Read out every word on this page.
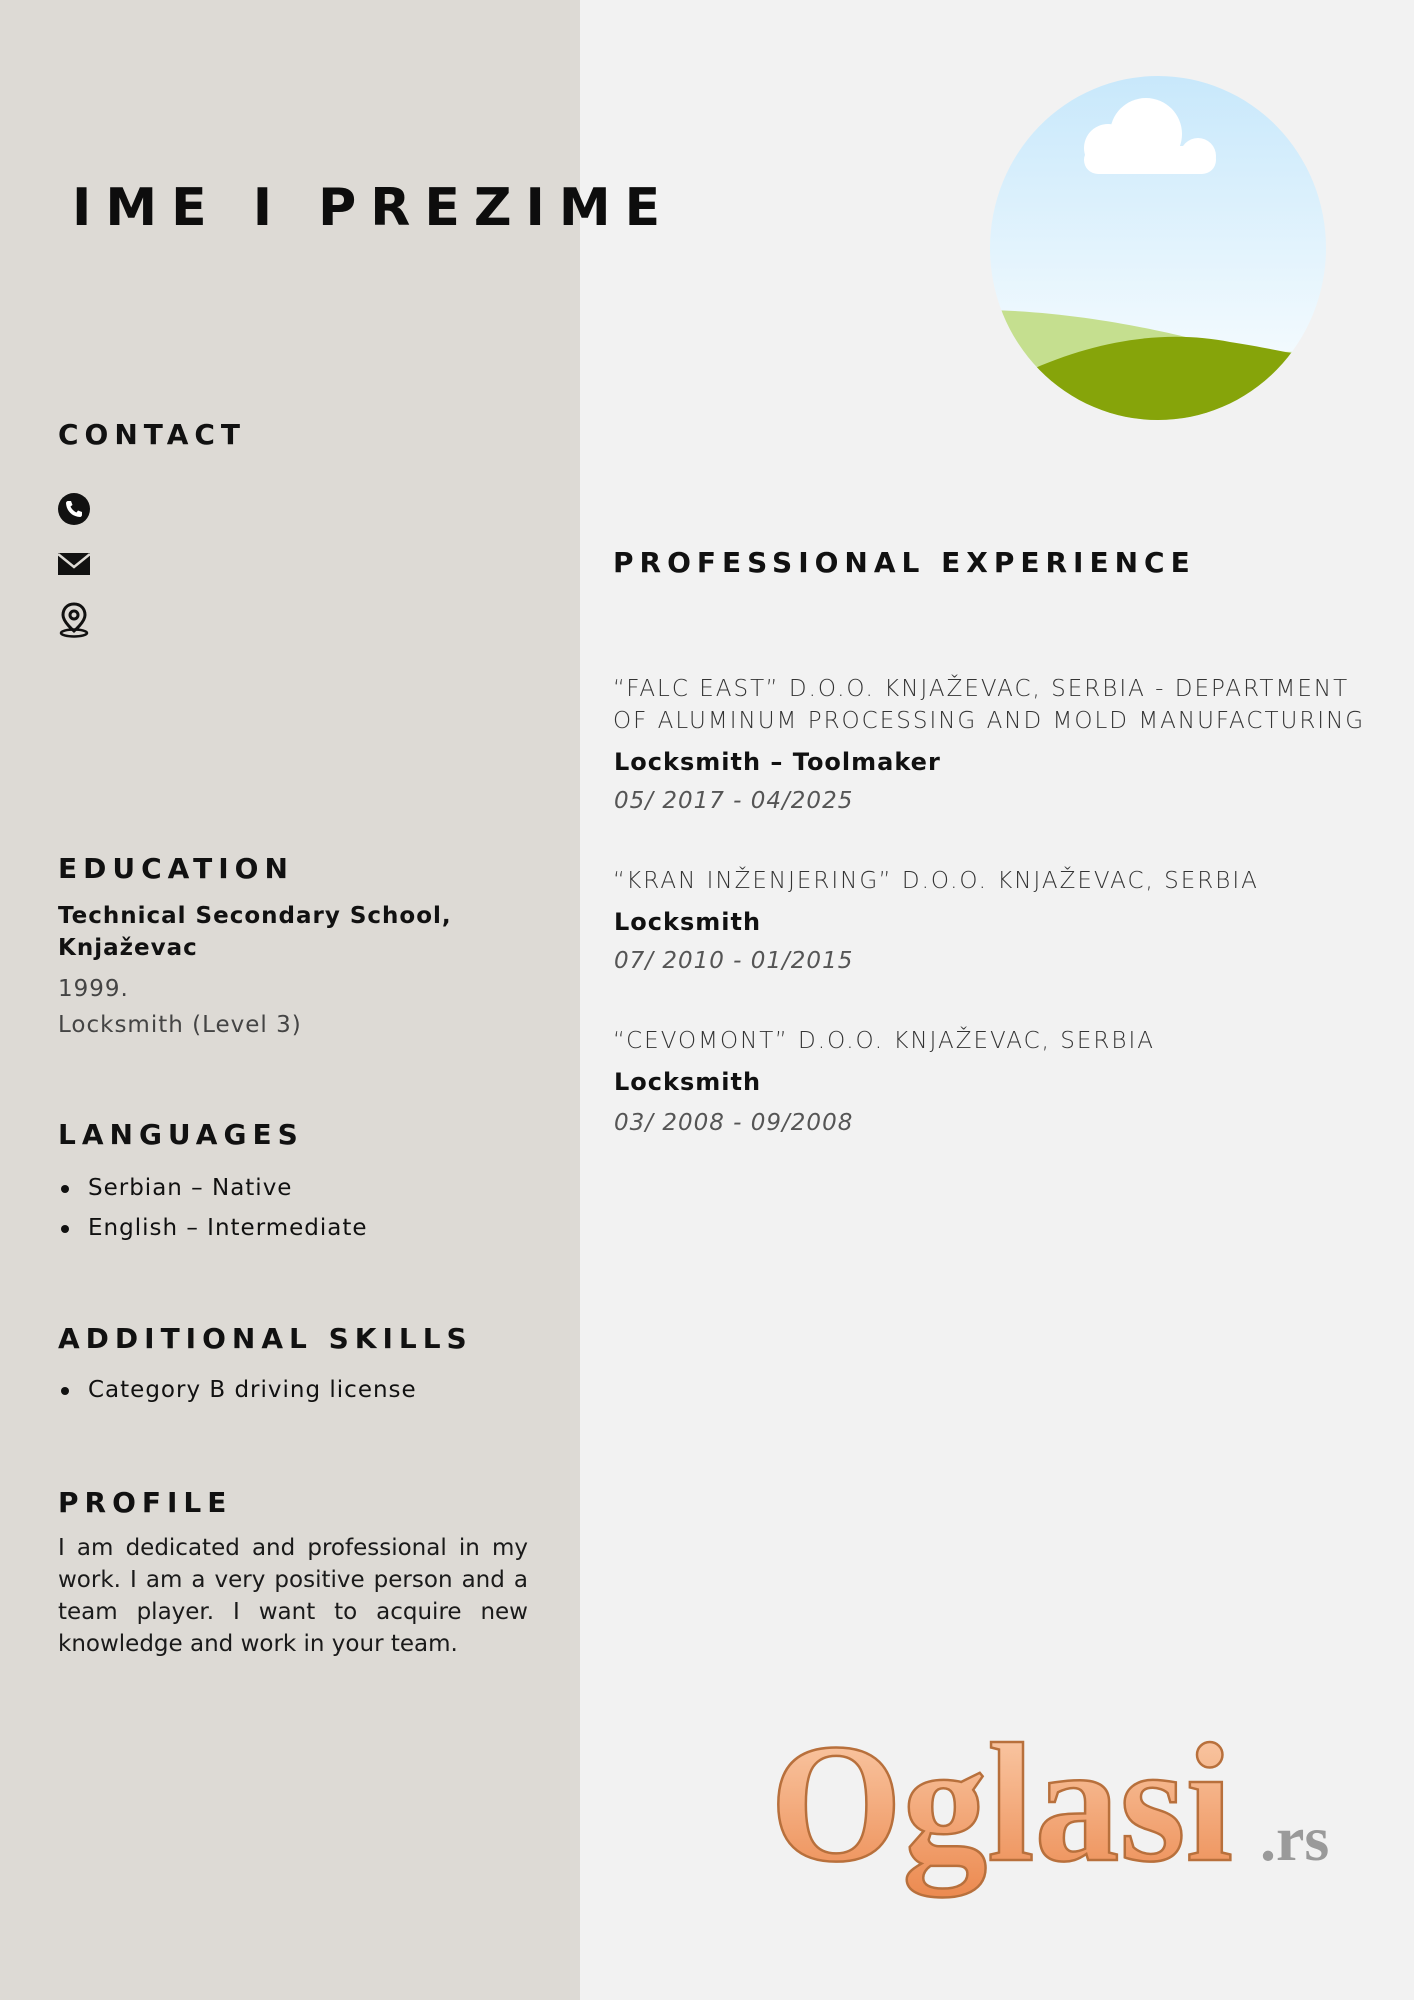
IME I PREZIME
CONTACT
EDUCATION

Technical Secondary School, Knjaževac

1999.

Locksmith (Level 3)

LANGUAGES
Serbian – Native
English – Intermediate
ADDITIONAL SKILLS
Category B driving license
PROFILE

I am dedicated and professional in my work. I am a very positive person and a team player. I want to acquire new knowledge and work in your team.

PROFESSIONAL EXPERIENCE

“FALC EAST” D.O.O. KNJAŽEVAC, SERBIA - DEPARTMENT OF ALUMINUM PROCESSING AND MOLD MANUFACTURING

Locksmith – Toolmaker

05/ 2017 - 04/2025

“KRAN INŽENJERING” D.O.O. KNJAŽEVAC, SERBIA

Locksmith

07/ 2010 - 01/2015

“CEVOMONT” D.O.O. KNJAŽEVAC, SERBIA

Locksmith

03/ 2008 - 09/2008

Oglasi .rs
